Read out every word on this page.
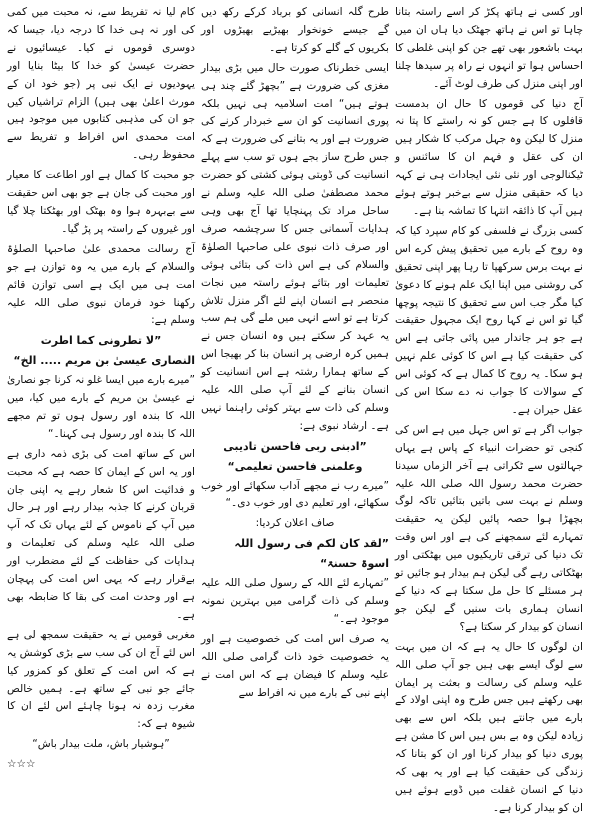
اور کسی نے ہاتھ پکڑ کر اسے راستہ بتانا چاہا تو اس نے ہاتھ جھٹک دیا ہاں ان میں بہت باشعور بھی تھے جن کو اپنی غلطی کا احساس ہوا تو انہوں نے راہ پر سیدھا چلنا اور اپنی منزل کی طرف لوٹ آئے۔

آج دنیا کی قوموں کا حال ان بدمست قافلوں کا ہے جس کو نہ راستے کا پتا نہ منزل کا لیکن وہ جہل مرکب کا شکار ہیں ان کی عقل و فہم ان کا سائنس و ٹیکنالوجی اور نئی نئی ایجادات ہی نے کہہ دیا کہ حقیقی منزل سے بےخبر ہوتے ہوئے ہیں آپ کا ذائقہ انتہا کا تماشہ بنا ہے۔

کسی بزرگ نے فلسفی کو کام سپرد کیا کہ وہ روح کے بارے میں تحقیق پیش کرے اس نے بہت برس سرکھپا تا رہا پھر اپنی تحقیق کی روشنی میں اپنا ایک علم ہونے کا دعویٰ کیا مگر جب اس سے تحقیق کا نتیجہ پوچھا گیا تو اس نے کہا روح ایک مجہول حقیقت ہے جو ہر جاندار میں پائی جاتی ہے اس کی حقیقت کیا ہے اس کا کوئی علم نہیں ہو سکا۔ یہ روح کا کمال ہے کہ کوئی اس کے سوالات کا جواب نہ دے سکا اس کی عقل حیران ہے۔

جواب اگر ہے تو اس جہل میں ہے اس کی کنجی تو حضرات انبیاء کے پاس ہے یہاں جہالتوں سے ٹکراتی ہے آخر الزماں سیدنا حضرت محمد رسول اللہ صلی اللہ علیہ وسلم نے بہت سی باتیں بتائیں تاکہ لوگ بچھڑا ہوا حصہ پائیں لیکن یہ حقیقت تمہارے لئے سمجھنے کی ہے اور اس وقت تک دنیا کی ترقی تاریکیوں میں بھٹکتی اور بھٹکاتی رہے گی لیکن ہم بیدار ہو جائیں تو ہر مسئلے کا حل مل سکتا ہے کہ دنیا کے انسان ہماری بات سنیں گے لیکن جو انسان کو بیدار کر سکتا ہے؟

ان لوگوں کا حال یہ ہے کہ ان میں بہت سے لوگ ایسے بھی ہیں جو آپ صلی اللہ علیہ وسلم کی رسالت و بعثت پر ایمان بھی رکھتے ہیں جس طرح وہ اپنی اولاد کے بارے میں جانتے ہیں بلکہ اس سے بھی زیادہ لیکن وہ بے بس ہیں اس کا مشن ہے پوری دنیا کو بیدار کرنا اور ان کو بتانا کہ زندگی کی حقیقت کیا ہے اور یہ بھی کہ دنیا کے انسان غفلت میں ڈوبے ہوئے ہیں ان کو بیدار کرنا ہے۔

طرح گلہ انسانی کو برباد کرکے رکھ دیں گے جیسے خونخوار بھیڑیے بھیڑوں اور بکریوں کے گلے کو کرتا ہے۔

ایسی خطرناک صورت حال میں بڑی بیدار مغزی کی ضرورت ہے ”بچھڑ گئے چند ہی ہوتے ہیں“ امت اسلامیہ ہی نہیں بلکہ پوری انسانیت کو ان سے خبردار کرنے کی ضرورت ہے اور یہ بتانے کی ضرورت ہے کہ جس طرح ساز بجے ہوں تو سب سے پہلے انسانیت کی ڈوبتی ہوئی کشتی کو حضرت محمد مصطفیٰ صلی اللہ علیہ وسلم نے ساحل مراد تک پہنچایا تھا آج بھی وہی ہدایات آسمانی جس کا سرچشمہ صرف اور صرف ذات نبوی علی صاحبہا الصلوٰۃ والسلام کی ہے اس ذات کی بتائی ہوئی تعلیمات اور بتائے ہوئے راستہ میں نجات منحصر ہے انسان اپنے لئے اگر منزل تلاش کرتا ہے تو اسے انہی میں ملے گی ہم سب یہ عہد کر سکتے ہیں وہ انسان جس نے ہمیں کرہ ارضی پر انسان بنا کر بھیجا اس کے ساتھ ہمارا رشتہ ہے اس انسانیت کو انسان بنانے کے لئے آپ صلی اللہ علیہ وسلم کی ذات سے بہتر کوئی راہنما نہیں ہے۔ ارشاد نبوی ہے:

”ادبنی ربی فاحسن تادیبی

وعلمنی فاحسن تعلیمی“

”میرے رب نے مجھے آداب سکھائے اور خوب سکھائے، اور تعلیم دی اور خوب دی۔“

صاف اعلان کردیا:

”لقد کان لکم فی رسول اللہ

اسوۃ حسنۃ“

”تمہارے لئے اللہ کے رسول صلی اللہ علیہ وسلم کی ذات گرامی میں بہترین نمونہ موجود ہے۔“

یہ صرف اس امت کی خصوصیت ہے اور یہ خصوصیت خود ذات گرامی صلی اللہ علیہ وسلم کا فیضان ہے کہ اس امت نے اپنے نبی کے بارے میں نہ افراط سے

کام لیا نہ تفریط سے، نہ محبت میں کمی کی اور نہ ہی خدا کا درجہ دیا، جیسا کہ دوسری قوموں نے کیا۔ عیسائیوں نے حضرت عیسیٰ کو خدا کا بیٹا بنایا اور یہودیوں نے ایک نبی پر (جو خود ان کے مورث اعلیٰ بھی ہیں) الزام تراشیاں کیں جو ان کی مذہبی کتابوں میں موجود ہیں امت محمدی اس افراط و تفریط سے محفوظ رہی۔

جو محبت کا کمال ہے اور اطاعت کا معیار اور محبت کی جان ہے جو بھی اس حقیقت سے بےبہرہ ہوا وہ بھٹک اور بھٹکتا چلا گیا اور غیروں کے راستہ پر پڑ گیا۔

آج رسالت محمدی علیٰ صاحبہا الصلوٰۃ والسلام کے بارے میں یہ وہ توازن ہے جو امت ہی میں ایک ہے اسی توازن قائم رکھنا خود فرمان نبوی صلی اللہ علیہ وسلم ہے:

”لا تطرونی کما اطرت

النصاری عیسیٰ بن مریم ..... الخ“

”میرے بارے میں ایسا غلو نہ کرنا جو نصاریٰ نے عیسیٰ بن مریم کے بارے میں کیا، میں اللہ کا بندہ اور رسول ہوں تو تم مجھے اللہ کا بندہ اور رسول ہی کہنا۔“

اس کے ساتھ امت کی بڑی ذمہ داری ہے اور یہ اس کے ایمان کا حصہ ہے کہ محبت و فدائیت اس کا شعار رہے یہ اپنی جان قربان کرنے کا جذبہ بیدار رہے اور ہر حال میں آپ کے ناموس کے لئے یہاں تک کہ آپ صلی اللہ علیہ وسلم کی تعلیمات و ہدایات کی حفاظت کے لئے مضطرب اور بےقرار رہے کہ یہی اس امت کی پہچان ہے اور وحدت امت کی بقا کا ضابطہ بھی ہے۔

مغربی قومیں نے یہ حقیقت سمجھ لی ہے اس لئے آج ان کی سب سے بڑی کوشش یہ ہے کہ اس امت کے تعلق کو کمزور کیا جائے جو نبی کے ساتھ ہے۔ ہمیں خالص مغرب زدہ نہ ہونا چاہئے اس لئے ان کا شیوہ ہے کہ:

”ہوشیار باش، ملت بیدار باش“

☆☆☆
